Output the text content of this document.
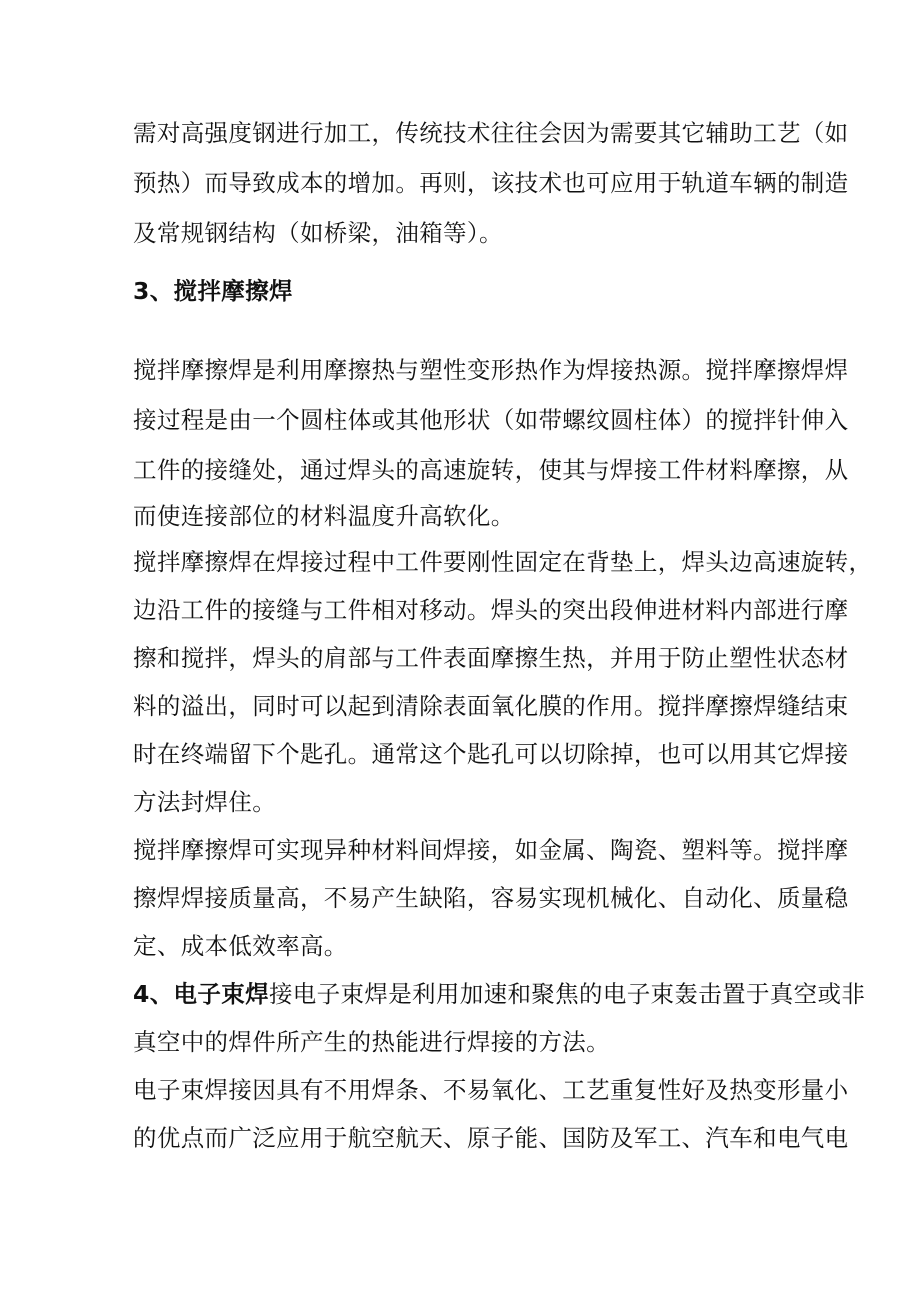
需对高强度钢进行加工，传统技术往往会因为需要其它辅助工艺（如
预热）而导致成本的增加。再则，该技术也可应用于轨道车辆的制造
及常规钢结构（如桥梁，油箱等）。
3、搅拌摩擦焊
搅拌摩擦焊是利用摩擦热与塑性变形热作为焊接热源。搅拌摩擦焊焊
接过程是由一个圆柱体或其他形状（如带螺纹圆柱体）的搅拌针伸入
工件的接缝处，通过焊头的高速旋转，使其与焊接工件材料摩擦，从
而使连接部位的材料温度升高软化。
搅拌摩擦焊在焊接过程中工件要刚性固定在背垫上，焊头边高速旋转，
边沿工件的接缝与工件相对移动。焊头的突出段伸进材料内部进行摩
擦和搅拌，焊头的肩部与工件表面摩擦生热，并用于防止塑性状态材
料的溢出，同时可以起到清除表面氧化膜的作用。搅拌摩擦焊缝结束
时在终端留下个匙孔。通常这个匙孔可以切除掉，也可以用其它焊接
方法封焊住。
搅拌摩擦焊可实现异种材料间焊接，如金属、陶瓷、塑料等。搅拌摩
擦焊焊接质量高，不易产生缺陷，容易实现机械化、自动化、质量稳
定、成本低效率高。
4、电子束焊接电子束焊是利用加速和聚焦的电子束轰击置于真空或非
真空中的焊件所产生的热能进行焊接的方法。
电子束焊接因具有不用焊条、不易氧化、工艺重复性好及热变形量小
的优点而广泛应用于航空航天、原子能、国防及军工、汽车和电气电
